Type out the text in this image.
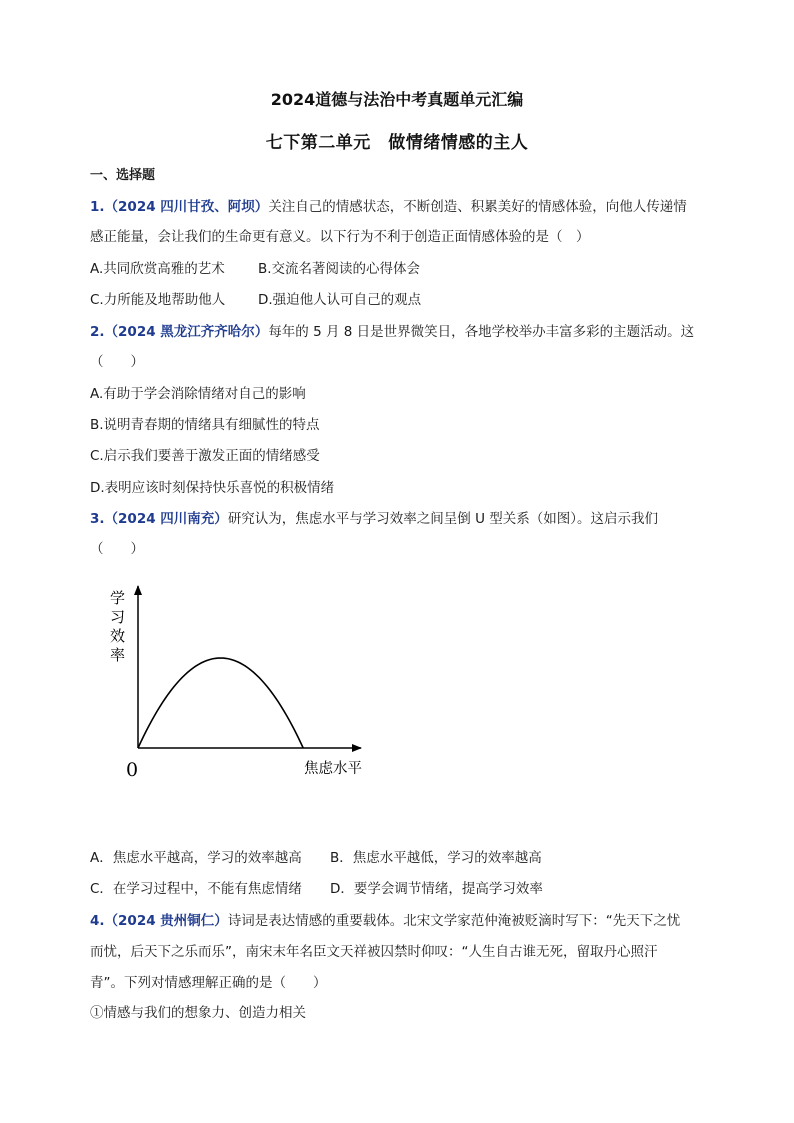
2024道德与法治中考真题单元汇编
七下第二单元　做情绪情感的主人
一、选择题
1.（2024 四川甘孜、阿坝）关注自己的情感状态，不断创造、积累美好的情感体验，向他人传递情
感正能量，会让我们的生命更有意义。以下行为不利于创造正面情感体验的是（　）
A.共同欣赏高雅的艺术 B.交流名著阅读的心得体会
C.力所能及地帮助他人 D.强迫他人认可自己的观点
2.（2024 黑龙江齐齐哈尔）每年的 5 月 8 日是世界微笑日，各地学校举办丰富多彩的主题活动。这
（　　）
A.有助于学会消除情绪对自己的影响
B.说明青春期的情绪具有细腻性的特点
C.启示我们要善于激发正面的情绪感受
D.表明应该时刻保持快乐喜悦的积极情绪
3.（2024 四川南充）研究认为，焦虑水平与学习效率之间呈倒 U 型关系（如图）。这启示我们
（　　）
学
习
效
率
0	焦虑水平
A．焦虑水平越高，学习的效率越高 B．焦虑水平越低，学习的效率越高
C．在学习过程中，不能有焦虑情绪 D．要学会调节情绪，提高学习效率
4.（2024 贵州铜仁）诗词是表达情感的重要载体。北宋文学家范仲淹被贬滴时写下：“先天下之忧
而忧，后天下之乐而乐”，南宋末年名臣文天祥被囚禁时仰叹：“人生自古谁无死，留取丹心照汗
青”。下列对情感理解正确的是（　　）
①情感与我们的想象力、创造力相关
